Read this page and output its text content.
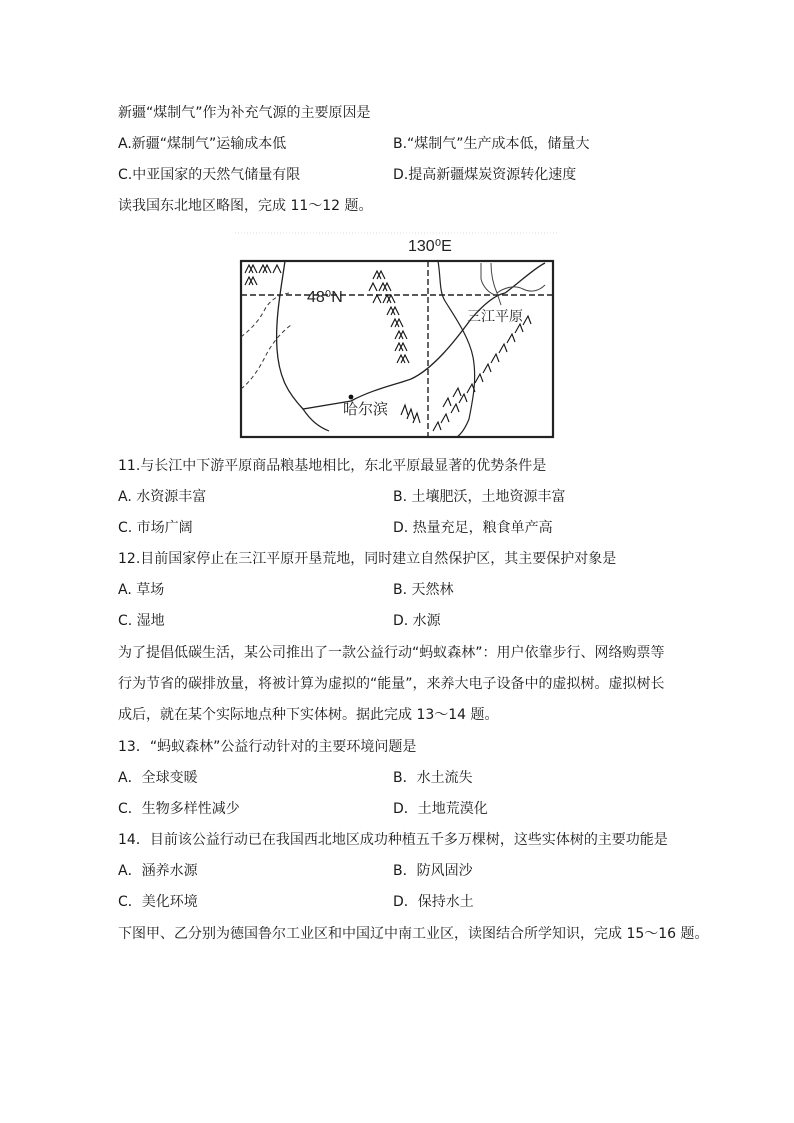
新疆“煤制气”作为补充气源的主要原因是
A.新疆“煤制气”运输成本低	B.“煤制气”生产成本低，储量大
C.中亚国家的天然气储量有限	D.提高新疆煤炭资源转化速度
读我国东北地区略图，完成 11～12 题。
130⁰E
48⁰N
三江平原
哈尔滨
11.与长江中下游平原商品粮基地相比，东北平原最显著的优势条件是
A. 水资源丰富	B. 土壤肥沃，土地资源丰富
C. 市场广阔	D. 热量充足，粮食单产高
12.目前国家停止在三江平原开垦荒地，同时建立自然保护区，其主要保护对象是
A. 草场	B. 天然林
C. 湿地	D. 水源
为了提倡低碳生活，某公司推出了一款公益行动“蚂蚁森林”：用户依靠步行、网络购票等
行为节省的碳排放量，将被计算为虚拟的“能量”，来养大电子设备中的虚拟树。虚拟树长
成后，就在某个实际地点种下实体树。据此完成 13～14 题。
13．“蚂蚁森林”公益行动针对的主要环境问题是
A．全球变暖	B．水土流失
C．生物多样性减少	D．土地荒漠化
14．目前该公益行动已在我国西北地区成功种植五千多万棵树，这些实体树的主要功能是
A．涵养水源	B．防风固沙
C．美化环境	D．保持水土
下图甲、乙分别为德国鲁尔工业区和中国辽中南工业区，读图结合所学知识，完成 15～16 题。
